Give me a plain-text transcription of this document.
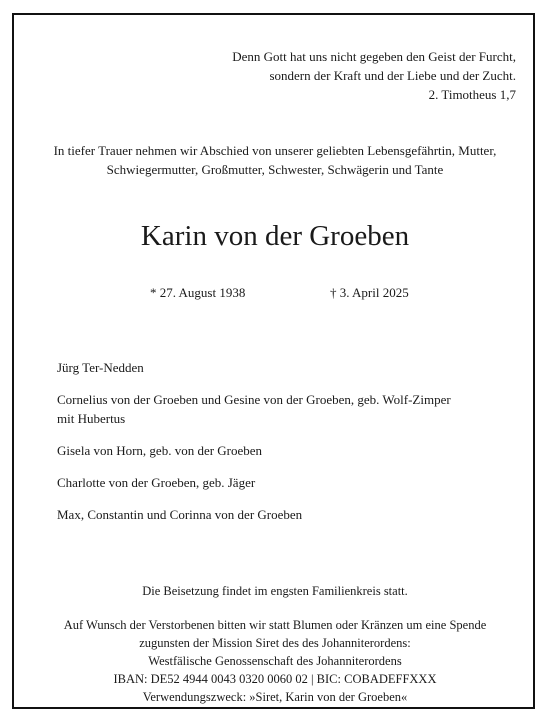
Denn Gott hat uns nicht gegeben den Geist der Furcht,
sondern der Kraft und der Liebe und der Zucht.
2. Timotheus 1,7
In tiefer Trauer nehmen wir Abschied von unserer geliebten Lebensgefährtin, Mutter,
Schwiegermutter, Großmutter, Schwester, Schwägerin und Tante
Karin von der Groeben
* 27. August 1938	† 3. April 2025
Jürg Ter-Nedden
Cornelius von der Groeben und Gesine von der Groeben, geb. Wolf-Zimper
mit Hubertus
Gisela von Horn, geb. von der Groeben
Charlotte von der Groeben, geb. Jäger
Max, Constantin und Corinna von der Groeben
Die Beisetzung findet im engsten Familienkreis statt.
Auf Wunsch der Verstorbenen bitten wir statt Blumen oder Kränzen um eine Spende
zugunsten der Mission Siret des des Johanniterordens:
Westfälische Genossenschaft des Johanniterordens
IBAN: DE52 4944 0043 0320 0060 02 | BIC: COBADEFFXXX
Verwendungszweck: »Siret, Karin von der Groeben«
